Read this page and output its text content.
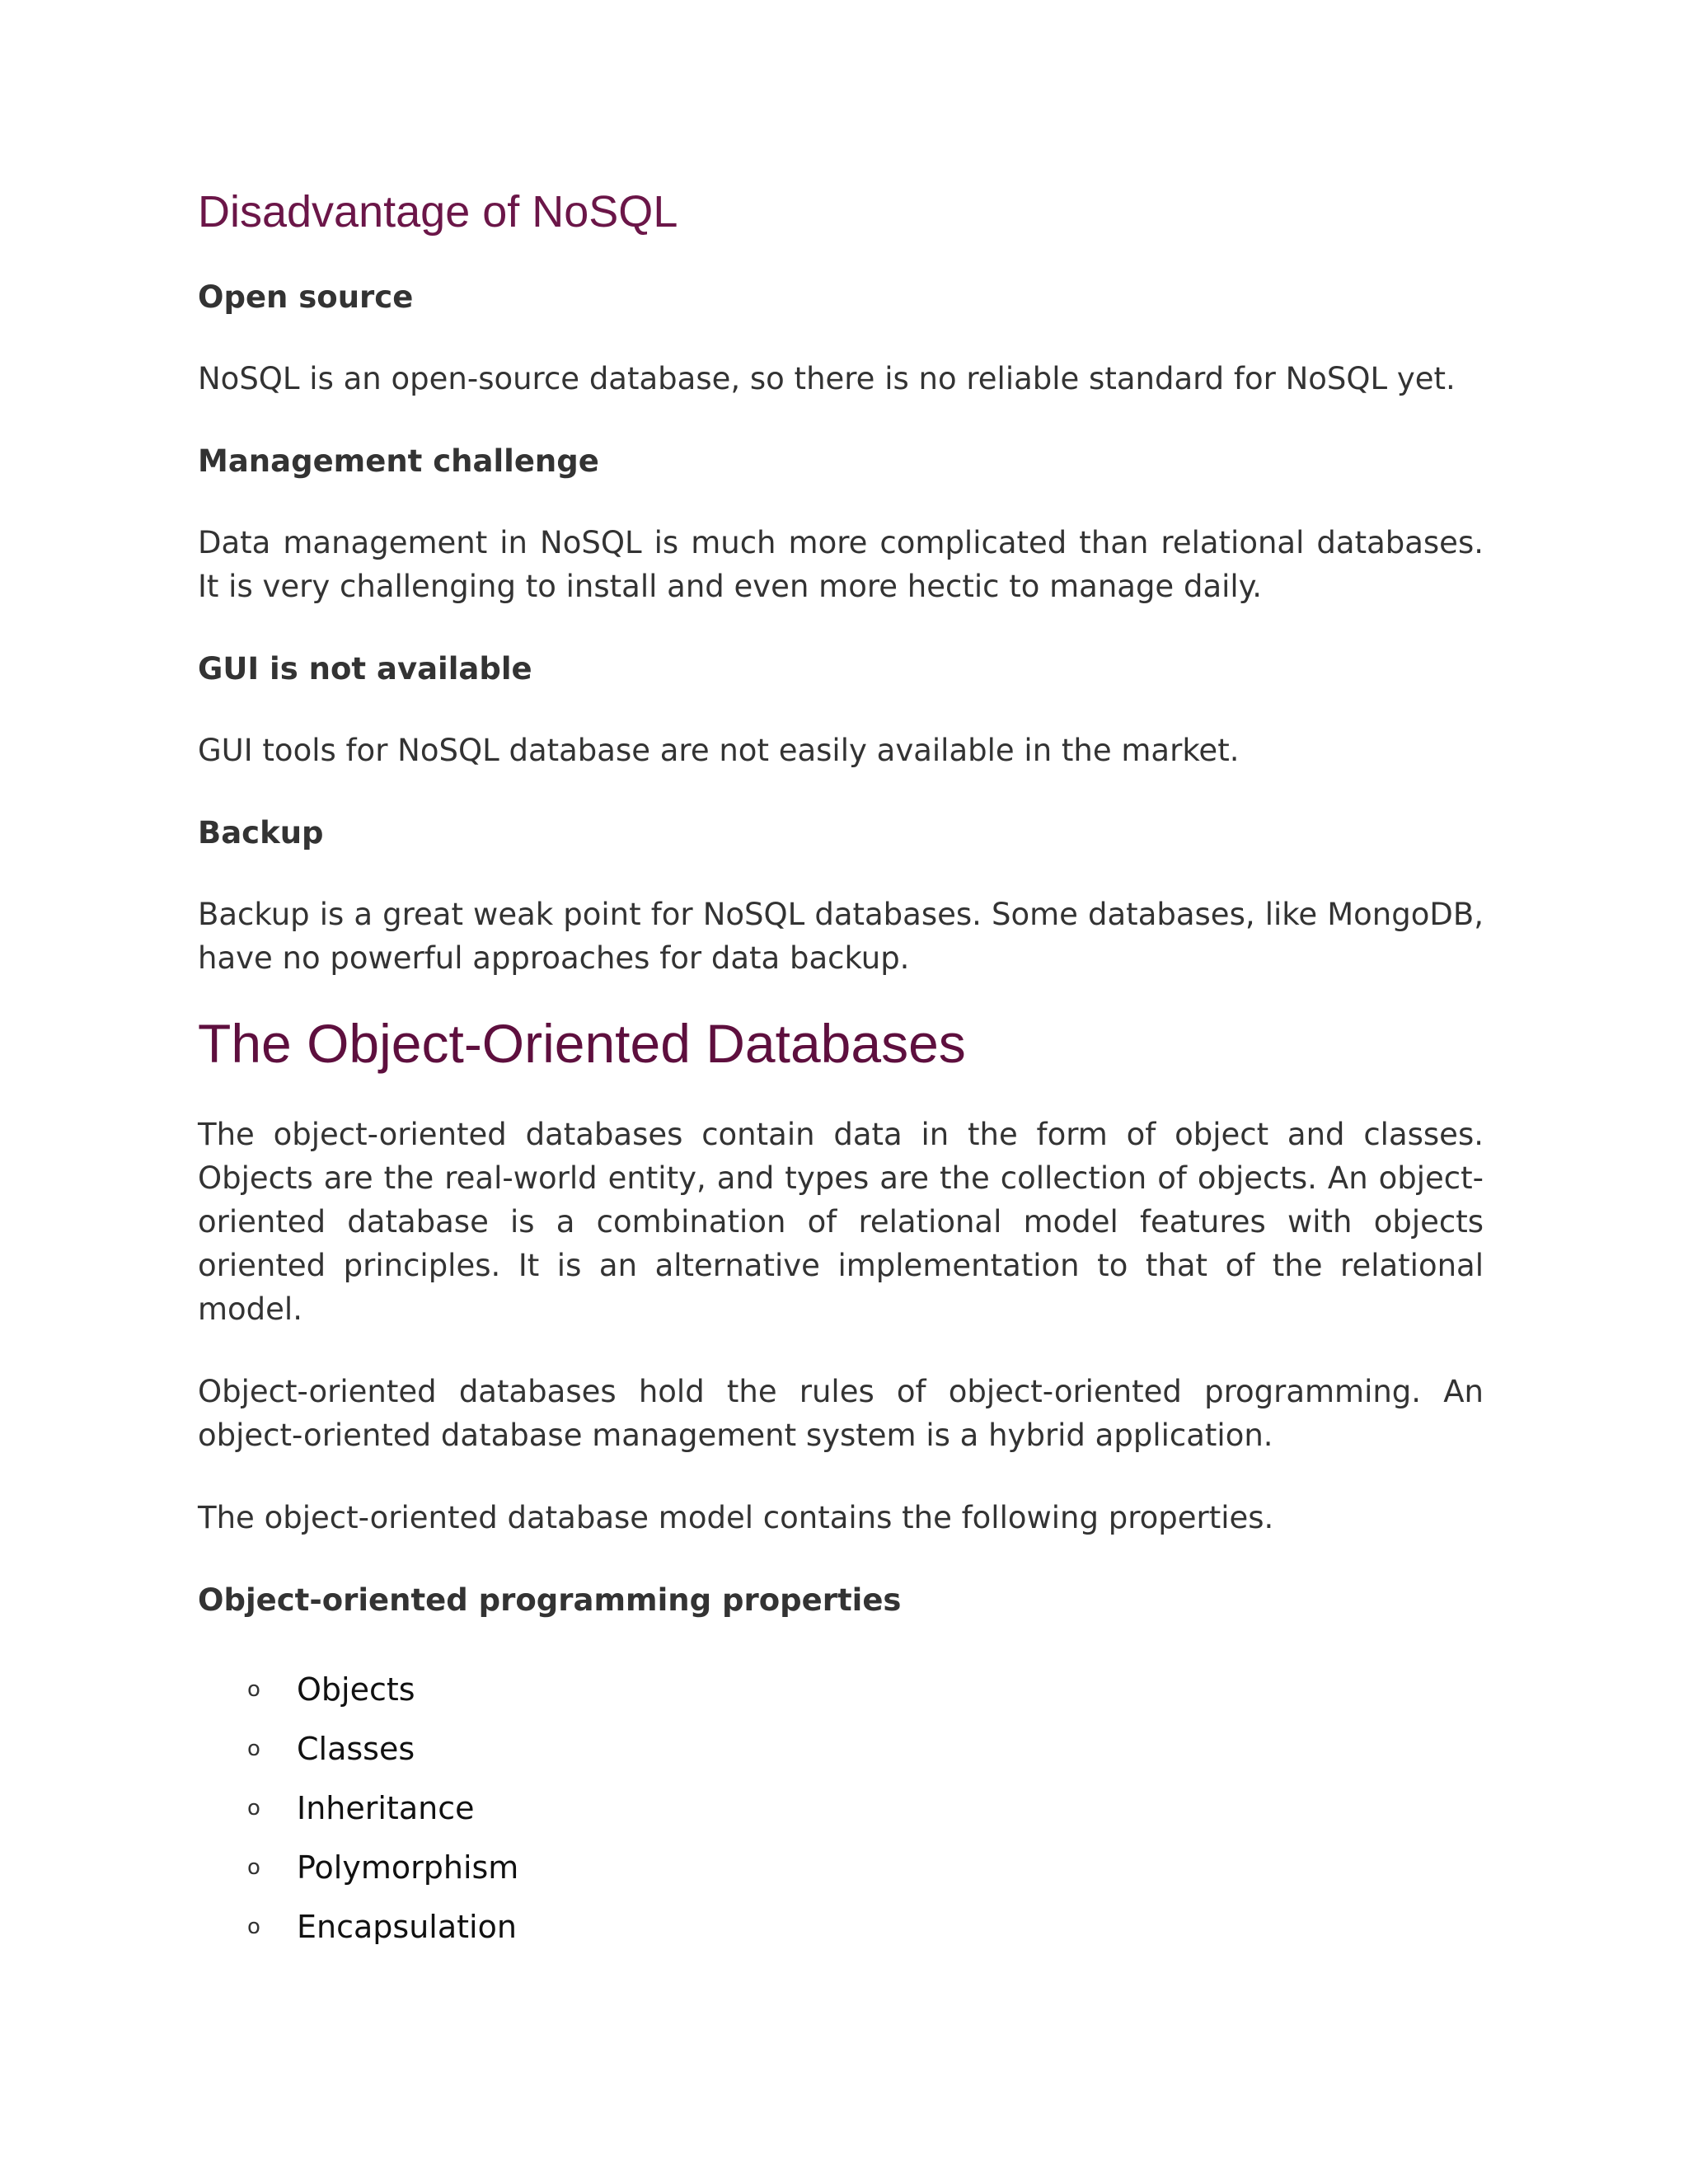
Disadvantage of NoSQL
Open source

NoSQL is an open-source database, so there is no reliable standard for NoSQL yet.

Management challenge

Data management in NoSQL is much more complicated than relational databases. It is very challenging to install and even more hectic to manage daily.

GUI is not available

GUI tools for NoSQL database are not easily available in the market.

Backup

Backup is a great weak point for NoSQL databases. Some databases, like MongoDB, have no powerful approaches for data backup.

The Object-Oriented Databases

The object-oriented databases contain data in the form of object and classes. Objects are the real-world entity, and types are the collection of objects. An object-oriented database is a combination of relational model features with objects oriented principles. It is an alternative implementation to that of the relational model.

Object-oriented databases hold the rules of object-oriented programming. An object-oriented database management system is a hybrid application.

The object-oriented database model contains the following properties.

Object-oriented programming properties
o Objects
o Classes
o Inheritance
o Polymorphism
o Encapsulation
